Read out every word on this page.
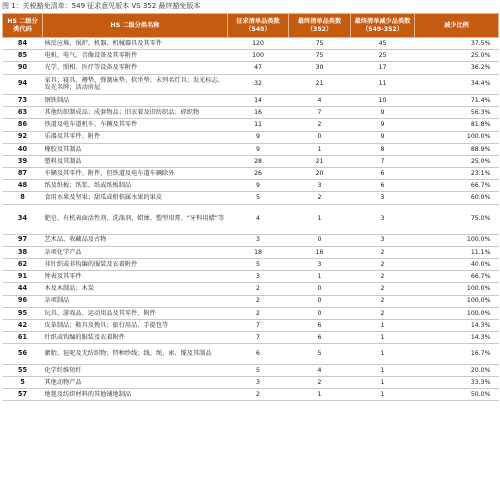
图 1：关税豁免清单：549 征求意见版本 VS 352 最终豁免版本
HS 二级分类代码	HS 二级分类名称	征求清单品类数（549）	最终清单品类数（352）	最终清单减少品类数（549-352）	减少比例
84	核反应堆、锅炉、机器、机械器具及其零件	120	75	45	37.5%
85	电机、电气、音像设备及其零附件	100	75	25	25.0%
90	光学、照相、医疗等设备及零附件	47	30	17	36.2%
94	家具；寝具、褥垫、弹簧床垫、软坐垫；未列名灯具；发光标志、发光名牌；活动房屋	32	21	11	34.4%
73	钢铁制品	14	4	10	71.4%
63	其他纺织制成品；成套物品；旧衣着及旧纺织品；碎织物	16	7	9	56.3%
86	铁道及电车道机车、车辆及其零件	11	2	9	81.8%
92	乐器及其零件、附件	9	0	9	100.0%
40	橡胶及其制品	9	1	8	88.9%
39	塑料及其制品	28	21	7	25.0%
87	车辆及其零件、附件，但铁道及电车道车辆除外	26	20	6	23.1%
48	纸及纸板；纸浆、纸或纸板制品	9	3	6	66.7%
8	食用水果及坚果；甜瓜或柑桔属水果的果皮	5	2	3	60.0%
34	肥皂、有机表面活性剂、洗涤剂、蜡烛、塑型用膏、“牙科用蜡”等	4	1	3	75.0%
97	艺术品、收藏品及古物	3	0	3	100.0%
38	杂项化学产品	18	16	2	11.1%
62	非针织或非钩编的服装及衣着附件	5	3	2	40.0%
91	钟表及其零件	3	1	2	66.7%
44	木及木制品；木炭	2	0	2	100.0%
96	杂项制品	2	0	2	100.0%
95	玩具、游戏品、运动用品及其零件、附件	2	0	2	100.0%
42	皮革制品；鞍具及挽具；旅行用品、手提包等	7	6	1	14.3%
61	针织或钩编的服装及衣着附件	7	6	1	14.3%
56	絮胎、毡呢及无纺织物；特种纱线；线、绳、索、缆及其制品	6	5	1	16.7%
55	化学纤维短纤	5	4	1	20.0%
5	其他动物产品	3	2	1	33.3%
57	地毯及纺织材料的其他铺地制品	2	1	1	50.0%
